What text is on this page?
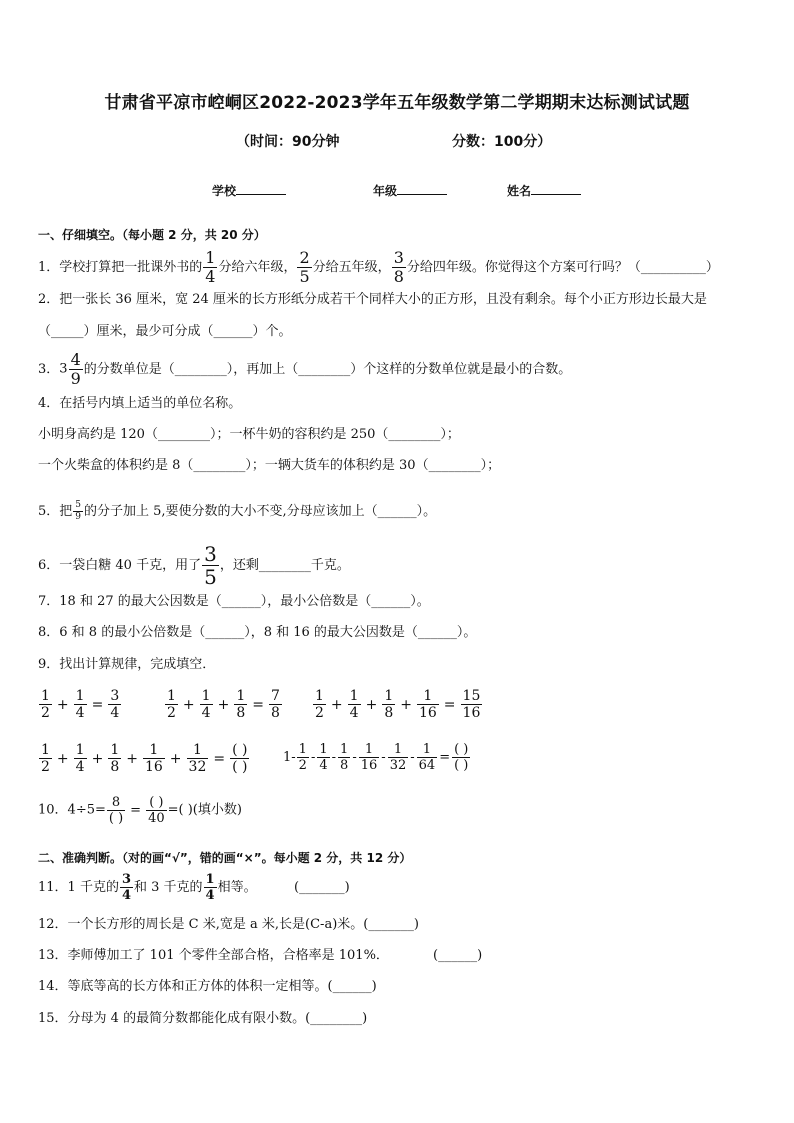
甘肃省平凉市崆峒区2022-2023学年五年级数学第二学期期末达标测试试题
（时间：90分钟	分数：100分）
学校	年级	姓名
一、仔细填空。（每小题 2 分，共 20 分）
1．学校打算把一批课外书的 $\frac{1}{4}$ 分给六年级， $\frac{2}{5}$ 分给五年级， $\frac{3}{8}$ 分给四年级。你觉得这个方案可行吗？（__________）
2．把一张长 36 厘米，宽 24 厘米的长方形纸分成若干个同样大小的正方形，且没有剩余。每个小正方形边长最大是
（_____）厘米，最少可分成（______）个。
3．$3 \frac{4}{9}$ 的分数单位是（________），再加上（________）个这样的分数单位就是最小的合数。
4．在括号内填上适当的单位名称。
小明身高约是 120（________）；一杯牛奶的容积约是 250（________）；
一个火柴盒的体积约是 8（________）；一辆大货车的体积约是 30（________）；
5．把 $\frac{5}{9}$ 的分子加上 5,要使分数的大小不变,分母应该加上（______）。
6．一袋白糖 40 千克，用了 $\frac{3}{5}$ ，还剩________千克。
7．18 和 27 的最大公因数是（______），最小公倍数是（______）。
8．6 和 8 的最小公倍数是（______），8 和 16 的最大公因数是（______）。
9．找出计算规律，完成填空．
$\frac{1}{2} + \frac{1}{4} = \frac{3}{4}$	$\frac{1}{2} + \frac{1}{4} + \frac{1}{8} = \frac{7}{8} \frac{1}{2} + \frac{1}{4} + \frac{1}{8} + \frac{1}{16} = \frac{15}{16}$
$\frac{1}{2} + \frac{1}{4} + \frac{1}{8} + \frac{1}{16} + \frac{1}{32} = \frac{( )}{( )}$	$1- \frac{1}{2} - \frac{1}{4} - \frac{1}{8} - \frac{1}{16} - \frac{1}{32} - \frac{1}{64} = \frac{( )}{( )}$
10．$4\div 5= \frac{8}{( )} = \frac{( )}{40}$ =( )(填小数)
二、准确判断。（对的画“√”，错的画“×”。每小题 2 分，共 12 分）
11．1 千克的 $\frac{3}{4}$ 和 3 千克的 $\frac{1}{4}$ 相等。	(_______)
12．一个长方形的周长是 C 米,宽是 a 米,长是(C-a)米。(_______)
13．李师傅加工了 101 个零件全部合格，合格率是 101%．	(______)
14．等底等高的长方体和正方体的体积一定相等。(______)
15．分母为 4 的最简分数都能化成有限小数。(________)
